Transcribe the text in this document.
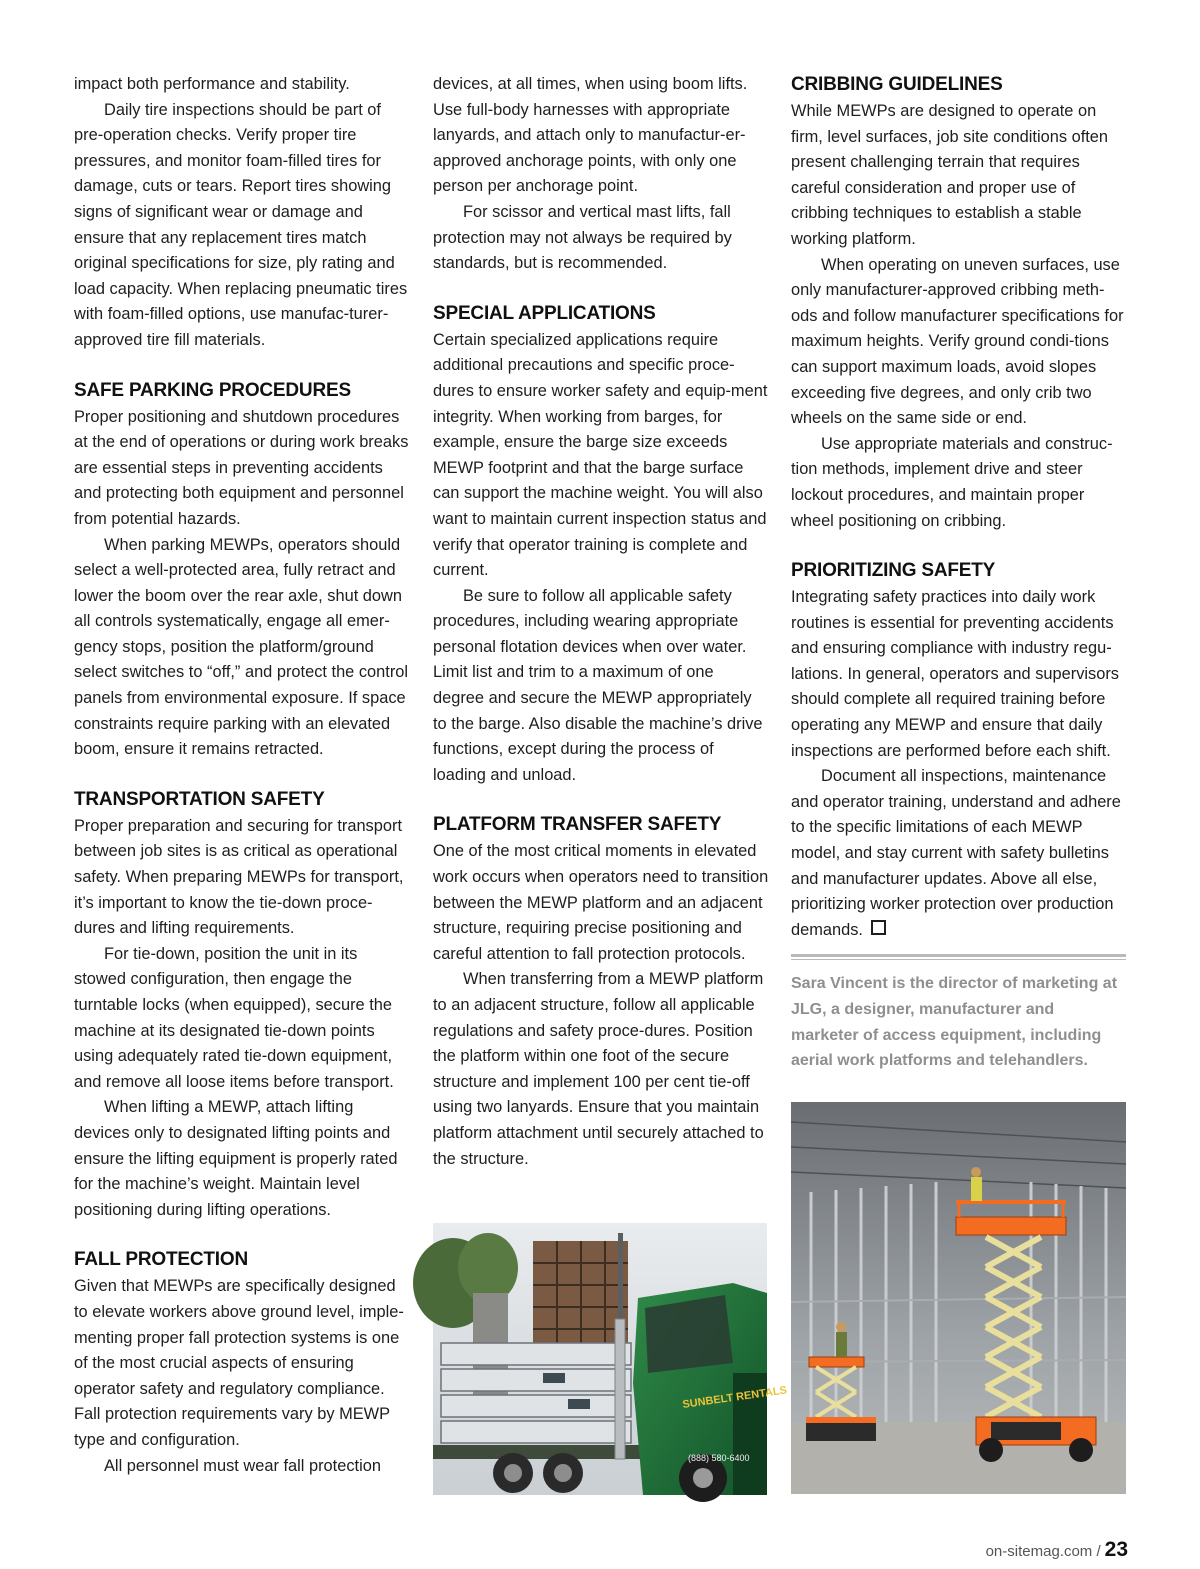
impact both performance and stability.

Daily tire inspections should be part of pre-operation checks. Verify proper tire pressures, and monitor foam-filled tires for damage, cuts or tears. Report tires showing signs of significant wear or damage and ensure that any replacement tires match original specifications for size, ply rating and load capacity. When replacing pneumatic tires with foam-filled options, use manufac-turer-approved tire fill materials.

SAFE PARKING PROCEDURES

Proper positioning and shutdown procedures at the end of operations or during work breaks are essential steps in preventing accidents and protecting both equipment and personnel from potential hazards.

When parking MEWPs, operators should select a well-protected area, fully retract and lower the boom over the rear axle, shut down all controls systematically, engage all emer-gency stops, position the platform/ground select switches to “off,” and protect the control panels from environmental exposure. If space constraints require parking with an elevated boom, ensure it remains retracted.

TRANSPORTATION SAFETY

Proper preparation and securing for transport between job sites is as critical as operational safety. When preparing MEWPs for transport, it’s important to know the tie-down proce-dures and lifting requirements.

For tie-down, position the unit in its stowed configuration, then engage the turntable locks (when equipped), secure the machine at its designated tie-down points using adequately rated tie-down equipment, and remove all loose items before transport.

When lifting a MEWP, attach lifting devices only to designated lifting points and ensure the lifting equipment is properly rated for the machine’s weight. Maintain level positioning during lifting operations.

FALL PROTECTION

Given that MEWPs are specifically designed to elevate workers above ground level, imple-menting proper fall protection systems is one of the most crucial aspects of ensuring operator safety and regulatory compliance. Fall protection requirements vary by MEWP type and configuration.

All personnel must wear fall protection

devices, at all times, when using boom lifts. Use full-body harnesses with appropriate lanyards, and attach only to manufactur-er-approved anchorage points, with only one person per anchorage point.

For scissor and vertical mast lifts, fall protection may not always be required by standards, but is recommended.

SPECIAL APPLICATIONS

Certain specialized applications require additional precautions and specific proce-dures to ensure worker safety and equip-ment integrity. When working from barges, for example, ensure the barge size exceeds MEWP footprint and that the barge surface can support the machine weight. You will also want to maintain current inspection status and verify that operator training is complete and current.

Be sure to follow all applicable safety procedures, including wearing appropriate personal flotation devices when over water. Limit list and trim to a maximum of one degree and secure the MEWP appropriately to the barge. Also disable the machine’s drive functions, except during the process of loading and unload.

PLATFORM TRANSFER SAFETY

One of the most critical moments in elevated work occurs when operators need to transition between the MEWP platform and an adjacent structure, requiring precise positioning and careful attention to fall protection protocols.

When transferring from a MEWP platform to an adjacent structure, follow all applicable regulations and safety proce-dures. Position the platform within one foot of the secure structure and implement 100 per cent tie-off using two lanyards. Ensure that you maintain platform attachment until securely attached to the structure.

CRIBBING GUIDELINES

While MEWPs are designed to operate on firm, level surfaces, job site conditions often present challenging terrain that requires careful consideration and proper use of cribbing techniques to establish a stable working platform.

When operating on uneven surfaces, use only manufacturer-approved cribbing meth-ods and follow manufacturer specifications for maximum heights. Verify ground condi-tions can support maximum loads, avoid slopes exceeding five degrees, and only crib two wheels on the same side or end.

Use appropriate materials and construc-tion methods, implement drive and steer lockout procedures, and maintain proper wheel positioning on cribbing.

PRIORITIZING SAFETY

Integrating safety practices into daily work routines is essential for preventing accidents and ensuring compliance with industry regu-lations. In general, operators and supervisors should complete all required training before operating any MEWP and ensure that daily inspections are performed before each shift.

Document all inspections, maintenance and operator training, understand and adhere to the specific limitations of each MEWP model, and stay current with safety bulletins and manufacturer updates. Above all else, prioritizing worker protection over production demands.

Sara Vincent is the director of marketing at JLG, a designer, manufacturer and marketer of access equipment, including aerial work platforms and telehandlers.

SUNBELT RENTALS
(888) 580-6400
on-sitemag.com / 23
